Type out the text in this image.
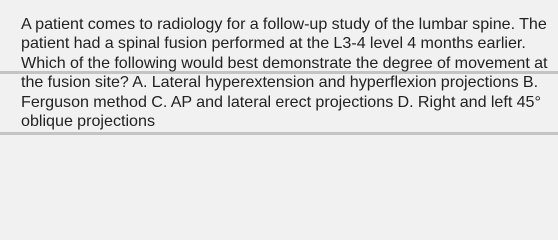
A patient comes to radiology for a follow-up study of the lumbar spine. The patient had a spinal fusion performed at the L3-4 level 4 months earlier. Which of the following would best demonstrate the degree of movement at the fusion site? A. Lateral hyperextension and hyperflexion projections B. Ferguson method C. AP and lateral erect projections D. Right and left 45° oblique projections
